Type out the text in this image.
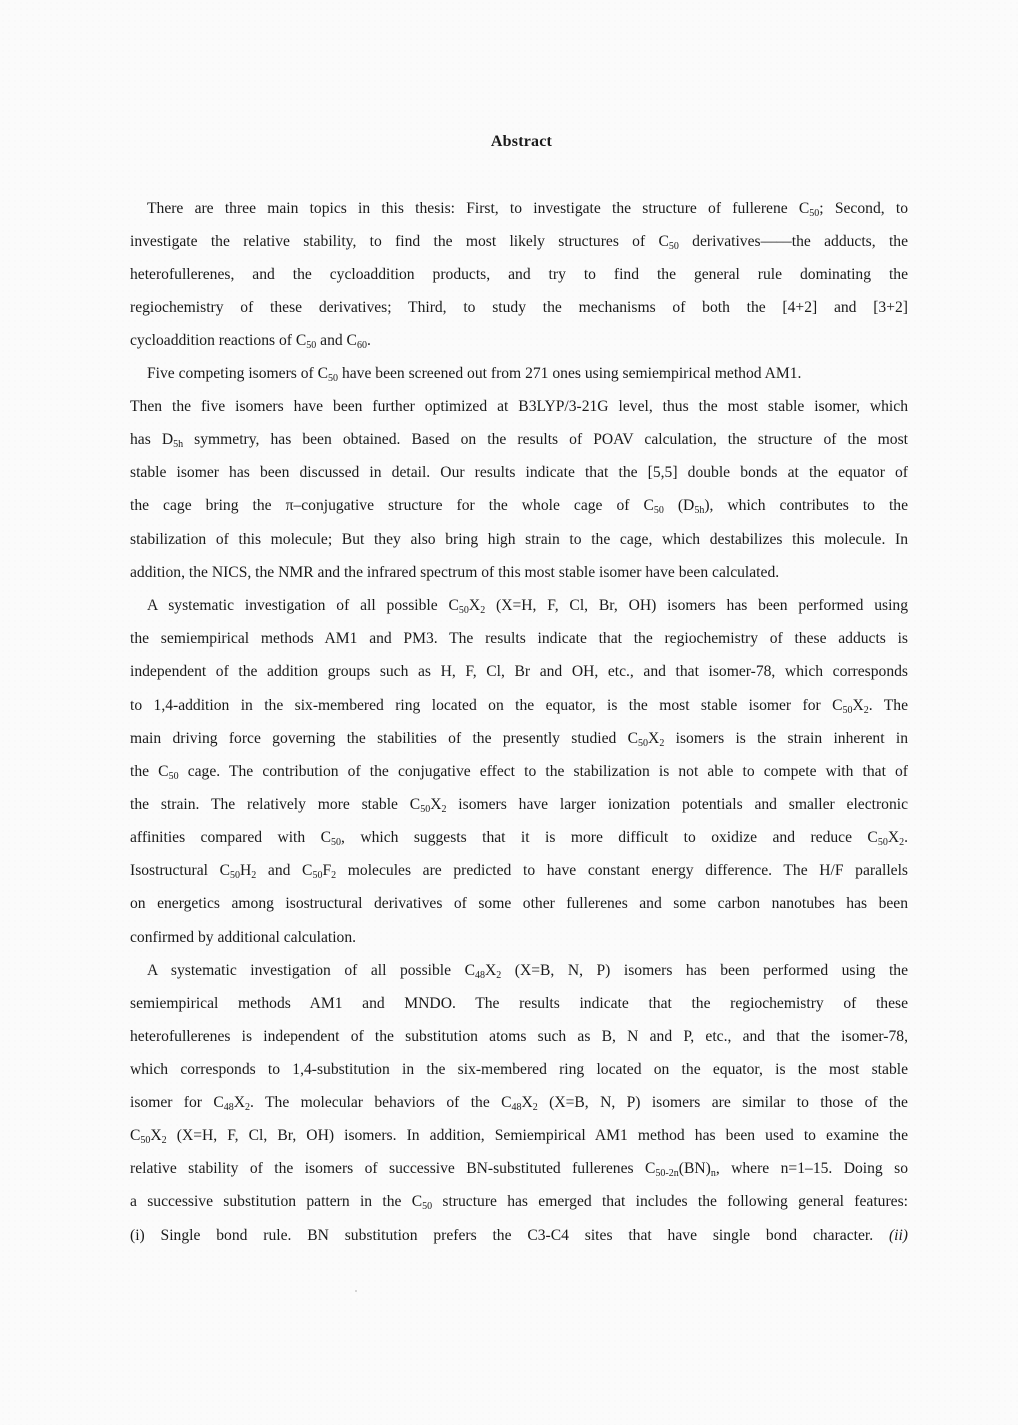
Abstract
There are three main topics in this thesis: First, to investigate the structure of fullerene $C_{50}$; Second, to
investigate the relative stability, to find the most likely structures of $C_{50}$ derivatives——the adducts, the
heterofullerenes, and the cycloaddition products, and try to find the general rule dominating the
regiochemistry of these derivatives; Third, to study the mechanisms of both the [4+2] and [3+2]
cycloaddition reactions of $C_{50}$ and $C_{60}$.
Five competing isomers of $C_{50}$ have been screened out from 271 ones using semiempirical method AM1.
Then the five isomers have been further optimized at B3LYP/3-21G level, thus the most stable isomer, which
has $D_{5h}$ symmetry, has been obtained. Based on the results of POAV calculation, the structure of the most
stable isomer has been discussed in detail. Our results indicate that the [5,5] double bonds at the equator of
the cage bring the π–conjugative structure for the whole cage of $C_{50}$ $(D_{5h})$, which contributes to the
stabilization of this molecule; But they also bring high strain to the cage, which destabilizes this molecule. In
addition, the NICS, the NMR and the infrared spectrum of this most stable isomer have been calculated.
A systematic investigation of all possible $C_{50}X_2$ (X=H, F, Cl, Br, OH) isomers has been performed using
the semiempirical methods AM1 and PM3. The results indicate that the regiochemistry of these adducts is
independent of the addition groups such as H, F, Cl, Br and OH, etc., and that isomer-78, which corresponds
to 1,4-addition in the six-membered ring located on the equator, is the most stable isomer for $C_{50}X_2$. The
main driving force governing the stabilities of the presently studied $C_{50}X_2$ isomers is the strain inherent in
the $C_{50}$ cage. The contribution of the conjugative effect to the stabilization is not able to compete with that of
the strain. The relatively more stable $C_{50}X_2$ isomers have larger ionization potentials and smaller electronic
affinities compared with $C_{50}$, which suggests that it is more difficult to oxidize and reduce $C_{50}X_2$.
Isostructural $C_{50}H_2$ and $C_{50}F_2$ molecules are predicted to have constant energy difference. The H/F parallels
on energetics among isostructural derivatives of some other fullerenes and some carbon nanotubes has been
confirmed by additional calculation.
A systematic investigation of all possible $C_{48}X_2$ (X=B, N, P) isomers has been performed using the
semiempirical methods AM1 and MNDO. The results indicate that the regiochemistry of these
heterofullerenes is independent of the substitution atoms such as B, N and P, etc., and that the isomer-78,
which corresponds to 1,4-substitution in the six-membered ring located on the equator, is the most stable
isomer for $C_{48}X_2$. The molecular behaviors of the $C_{48}X_2$ (X=B, N, P) isomers are similar to those of the
$C_{50}X_2$ (X=H, F, Cl, Br, OH) isomers. In addition, Semiempirical AM1 method has been used to examine the
relative stability of the isomers of successive BN-substituted fullerenes $C_{50-2n}(BN)_n$, where n=1–15. Doing so
a successive substitution pattern in the $C_{50}$ structure has emerged that includes the following general features:
(i) Single bond rule. BN substitution prefers the C3-C4 sites that have single bond character. (ii)
